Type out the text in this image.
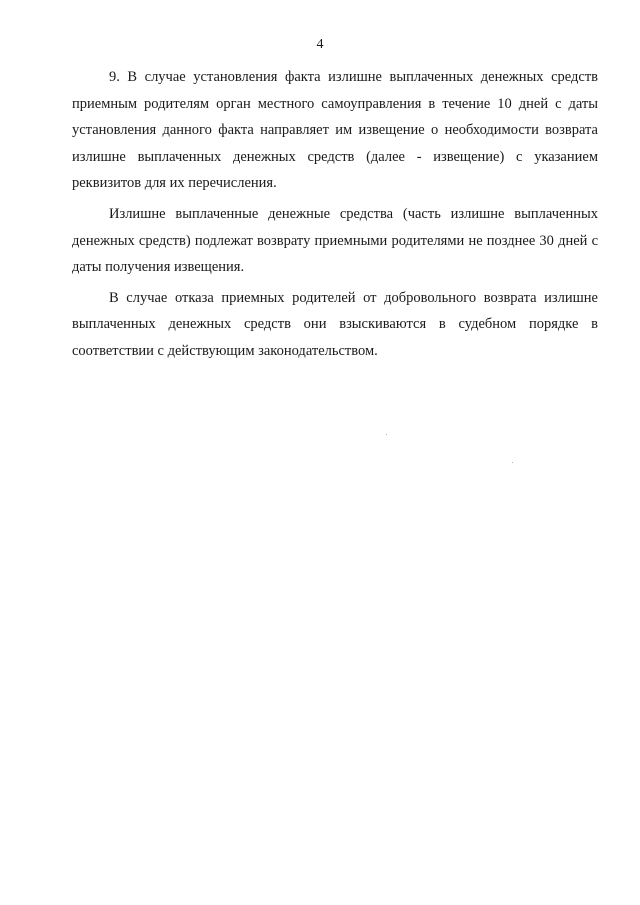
4

9. В случае установления факта излишне выплаченных денежных средств приемным родителям орган местного самоуправления в течение 10 дней с даты установления данного факта направляет им извещение о необходимости возврата излишне выплаченных денежных средств (далее - извещение) с указанием реквизитов для их перечисления.

Излишне выплаченные денежные средства (часть излишне выплаченных денежных средств) подлежат возврату приемными родителями не позднее 30 дней с даты получения извещения.

В случае отказа приемных родителей от добровольного возврата излишне выплаченных денежных средств они взыскиваются в судебном порядке в соответствии с действующим законодательством.
